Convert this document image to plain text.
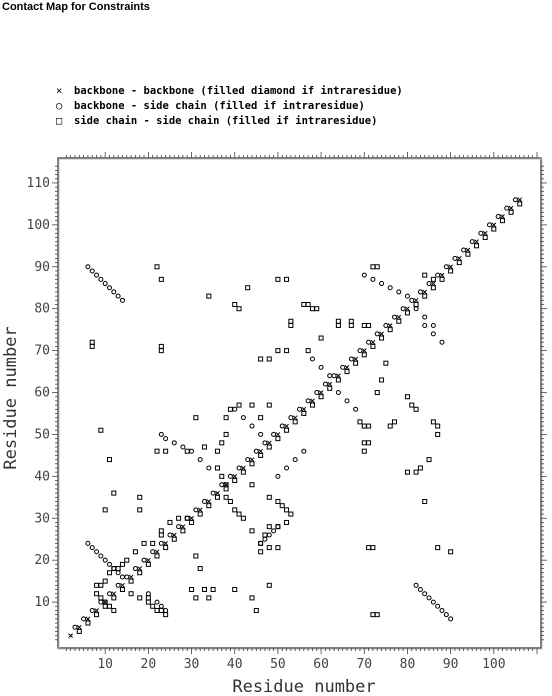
Contact Map for Constraints
× backbone - backbone (filled diamond if intraresidue)
○ backbone - side chain (filled if intraresidue)
□ side chain - side chain (filled if intraresidue)
10 20 30 40 50 60 70 80 90 100
10
20
30
40
50
60
70
80
90
100
110
Residue number
Residue number
